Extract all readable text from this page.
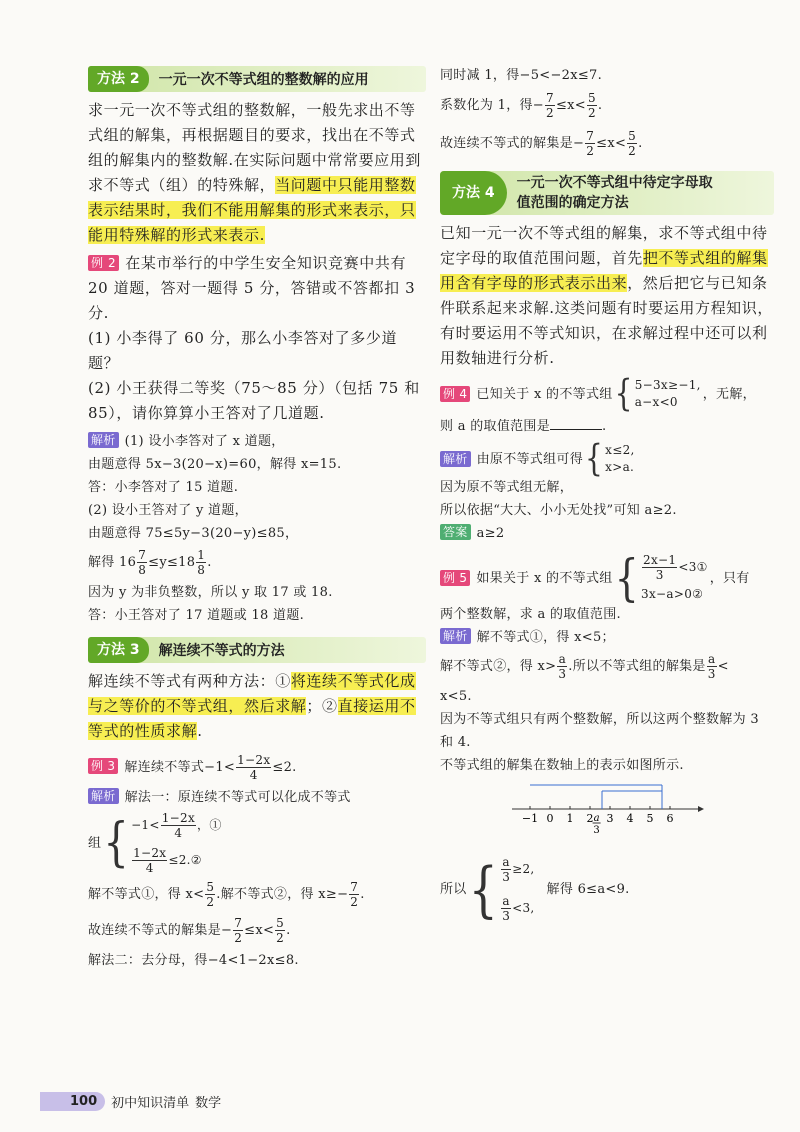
方法 2	一元一次不等式组的整数解的应用

求一元一次不等式组的整数解，一般先求出不等式组的解集，再根据题目的要求，找出在不等式组的解集内的整数解.在实际问题中常常要应用到求不等式（组）的特殊解，当问题中只能用整数表示结果时，我们不能用解集的形式来表示，只能用特殊解的形式来表示.

例 2 在某市举行的中学生安全知识竞赛中共有 20 道题，答对一题得 5 分，答错或不答都扣 3 分.

(1) 小李得了 60 分，那么小李答对了多少道题？

(2) 小王获得二等奖（75～85 分）（包括 75 和 85），请你算算小王答对了几道题.

解析 (1) 设小李答对了 x 道题，

由题意得 5x−3(20−x)=60，解得 x=15.

答：小李答对了 15 道题.

(2) 设小王答对了 y 道题，

由题意得 75≤5y−3(20−y)≤85，

解得 $16 \frac{7}{8} \le y\le 18 \frac{1}{8}$ .

因为 y 为非负整数，所以 y 取 17 或 18.

答：小王答对了 17 道题或 18 道题.

方法 3	解连续不等式的方法

解连续不等式有两种方法：①将连续不等式化成与之等价的不等式组，然后求解；②直接运用不等式的性质求解.

例 3 解连续不等式$-1< \frac{1-2x}{4} \le 2$.

解析 解法一：原连续不等式可以化成不等式

组 { $-1< \frac{1-2x}{4}$ ，①
$\frac{1-2x}{4}$ ≤2.②

解不等式①，得 $x< \frac{5}{2}$ .解不等式②，得 $x\ge- \frac{7}{2}$ .

故连续不等式的解集是− $\frac{7}{2} \le x< \frac{5}{2}$ .

解法二：去分母，得−4<1−2x≤8.

同时减 1，得−5<−2x≤7.

系数化为 1，得− $\frac{7}{2} \le x< \frac{5}{2}$ .

故连续不等式的解集是− $\frac{7}{2} \le x< \frac{5}{2}$ .

方法 4
一元一次不等式组中待定字母取
值范围的确定方法

已知一元一次不等式组的解集，求不等式组中待定字母的取值范围问题，首先把不等式组的解集用含有字母的形式表示出来，然后把它与已知条件联系起来求解.这类问题有时要运用方程知识，有时要运用不等式知识，在求解过程中还可以利用数轴进行分析.

例 4 已知关于 x 的不等式组 { 5−3x≥−1,
a−x<0
，无解，

则 a 的取值范围是	.

解析 由原不等式组可得 { x≤2,
x>a.

因为原不等式组无解，

所以依据“大大、小小无处找”可知 a≥2.

答案 a≥2

例 5 如果关于 x 的不等式组 { $\frac{2x-1}{3}$ <3①
3x−a>0②
，只有

两个整数解，求 a 的取值范围.

解析 解不等式①，得 x<5；

解不等式②，得 $x> \frac{a}{3}$ .所以不等式组的解集是 $\frac{a}{3}$ <

x<5.

因为不等式组只有两个整数解，所以这两个整数解为 3 和 4.

不等式组的解集在数轴上的表示如图所示.

−1 0 1 2 3 4 5 6
a
3
所以 { $\frac{a}{3} \ge 2$,
$\frac{a}{3} <3$,
解得 6≤a<9.
100	初中知识清单 数学
